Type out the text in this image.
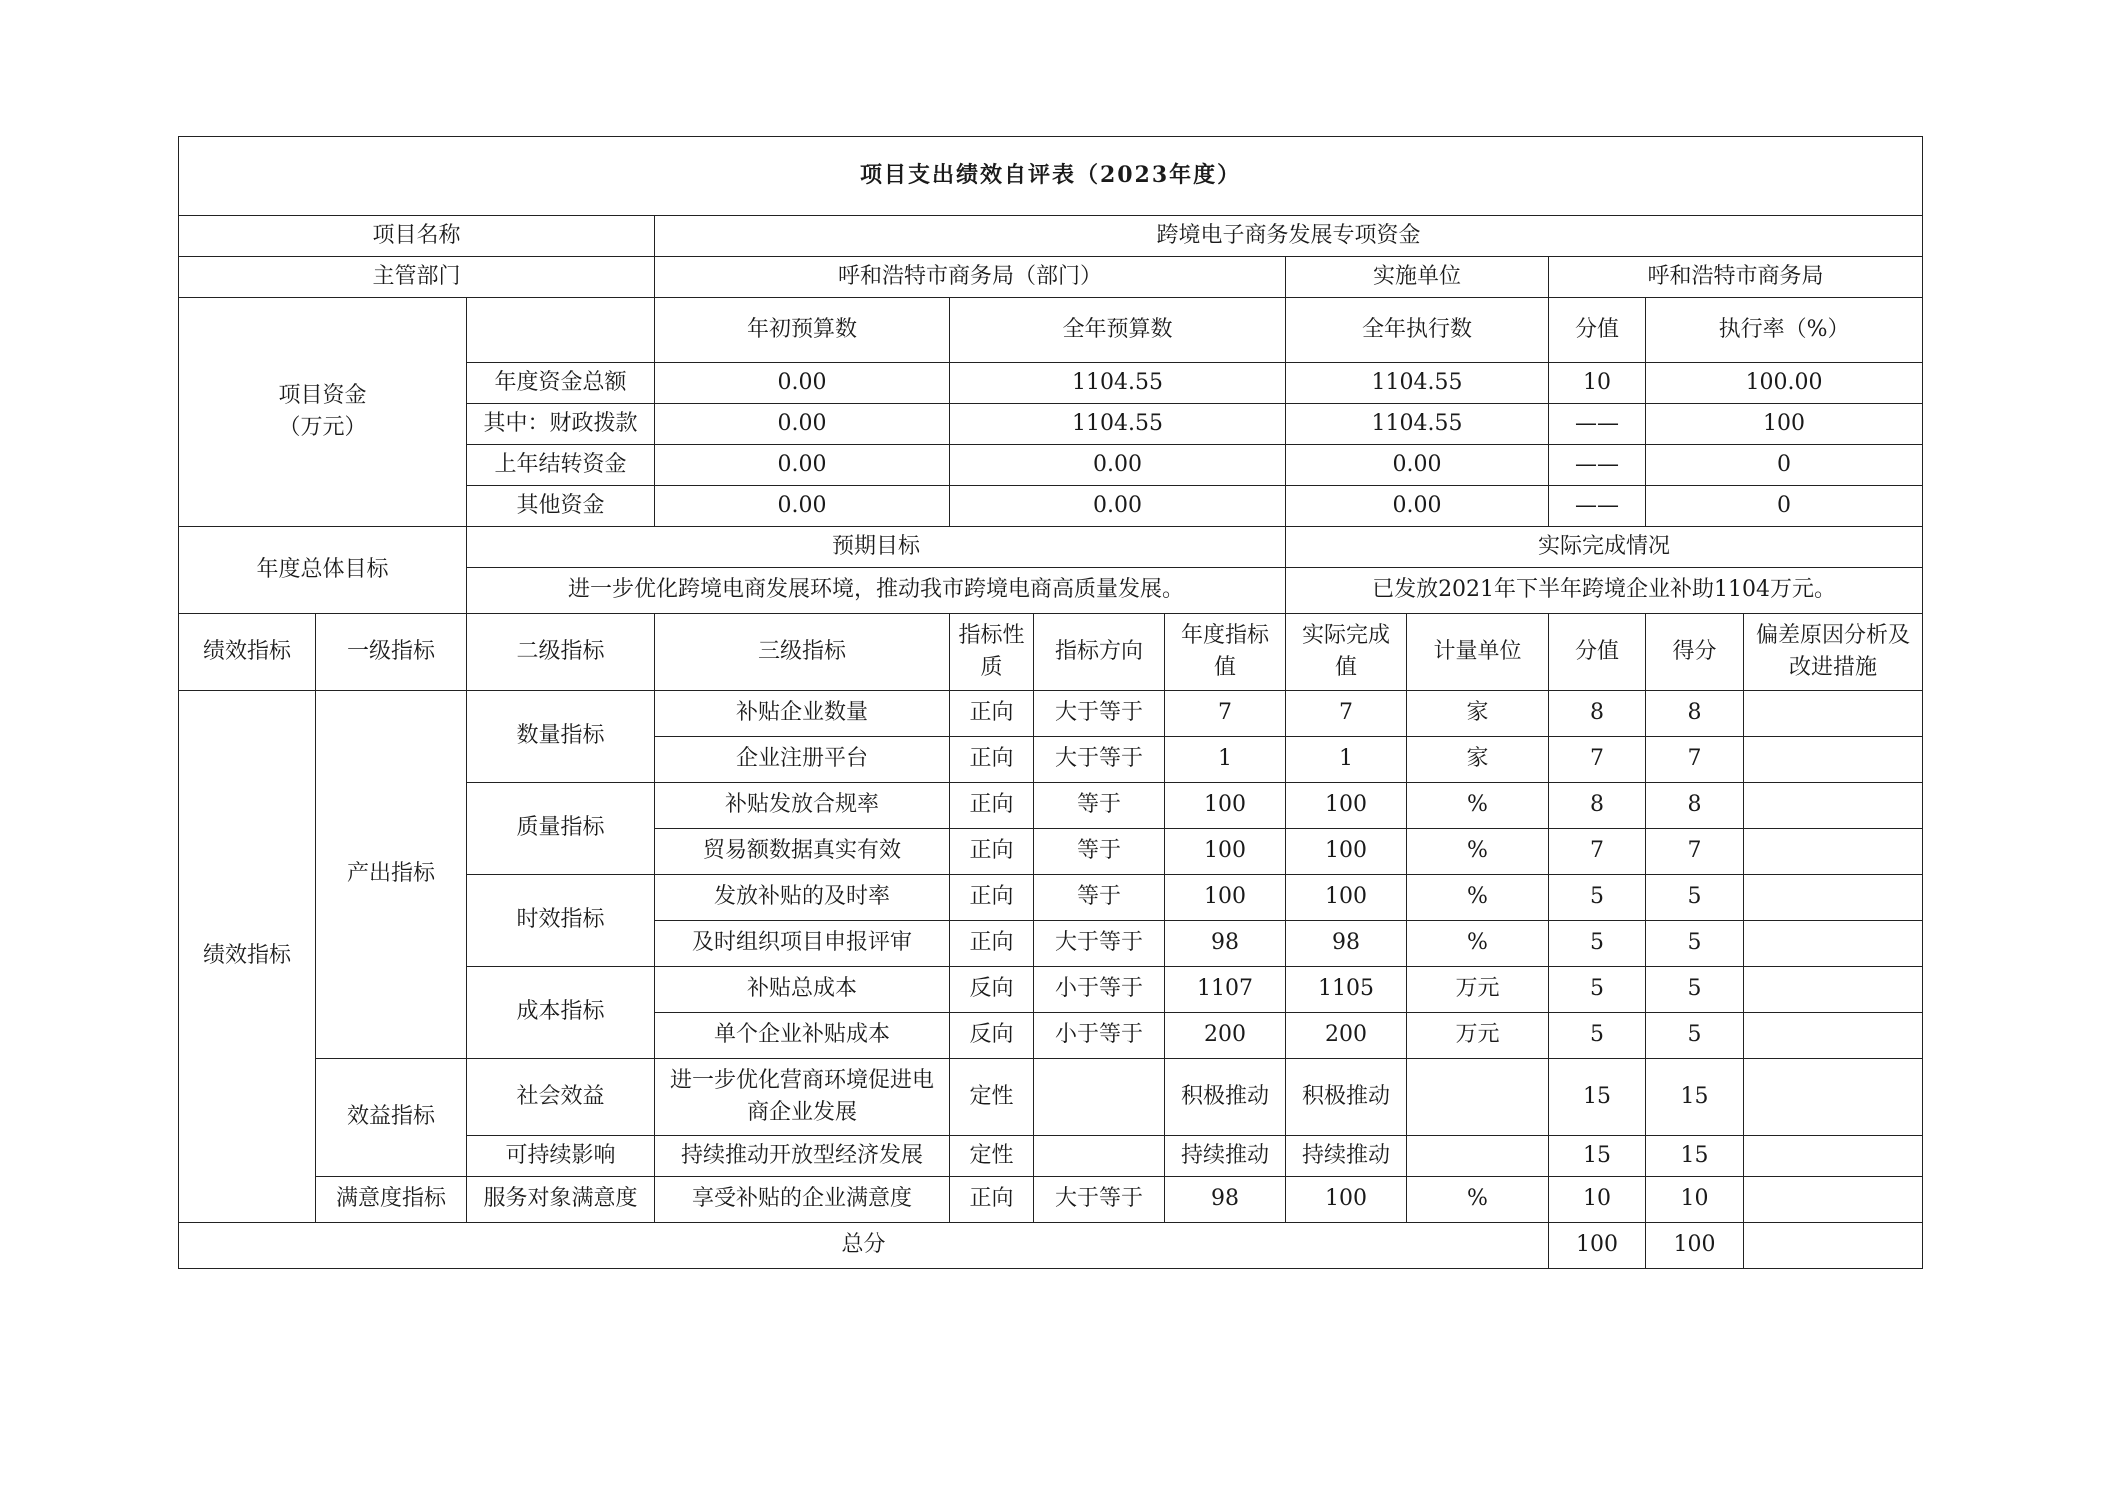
项目支出绩效自评表（2023年度）												
项目名称			跨境电子商务发展专项资金									
主管部门			呼和浩特市商务局（部门）				实施单位		呼和浩特市商务局			

项目资金
（万元）			年初预算数	全年预算数			全年执行数		分值	执行率（%）	
		年度资金总额	0.00	1104.55			1104.55		10	100.00	
		其中：财政拨款	0.00	1104.55			1104.55		——	100	
		上年结转资金	0.00	0.00			0.00		——	0	
		其他资金	0.00	0.00			0.00		——	0	
年度总体目标		预期目标					实际完成情况					
		进一步优化跨境电商发展环境，推动我市跨境电商高质量发展。					已发放2021年下半年跨境企业补助1104万元。					
绩效指标	一级指标	二级指标	三级指标	指标性质	指标方向	年度指标值	实际完成值	计量单位	分值	得分	偏差原因分析及改进措施	
绩效指标	产出指标	数量指标	补贴企业数量	正向	大于等于	7	7	家	8	8		
			企业注册平台	正向	大于等于	1	1	家	7	7		
		质量指标	补贴发放合规率	正向	等于	100	100	%	8	8		
			贸易额数据真实有效	正向	等于	100	100	%	7	7		
		时效指标	发放补贴的及时率	正向	等于	100	100	%	5	5		
			及时组织项目申报评审	正向	大于等于	98	98	%	5	5		
		成本指标	补贴总成本	反向	小于等于	1107	1105	万元	5	5		
			单个企业补贴成本	反向	小于等于	200	200	万元	5	5		
	效益指标	社会效益	进一步优化营商环境促进电商企业发展	定性		积极推动	积极推动		15	15		
		可持续影响	持续推动开放型经济发展	定性		持续推动	持续推动		15	15		
	满意度指标	服务对象满意度	享受补贴的企业满意度	正向	大于等于	98	100	%	10	10		
总分									100	100		
